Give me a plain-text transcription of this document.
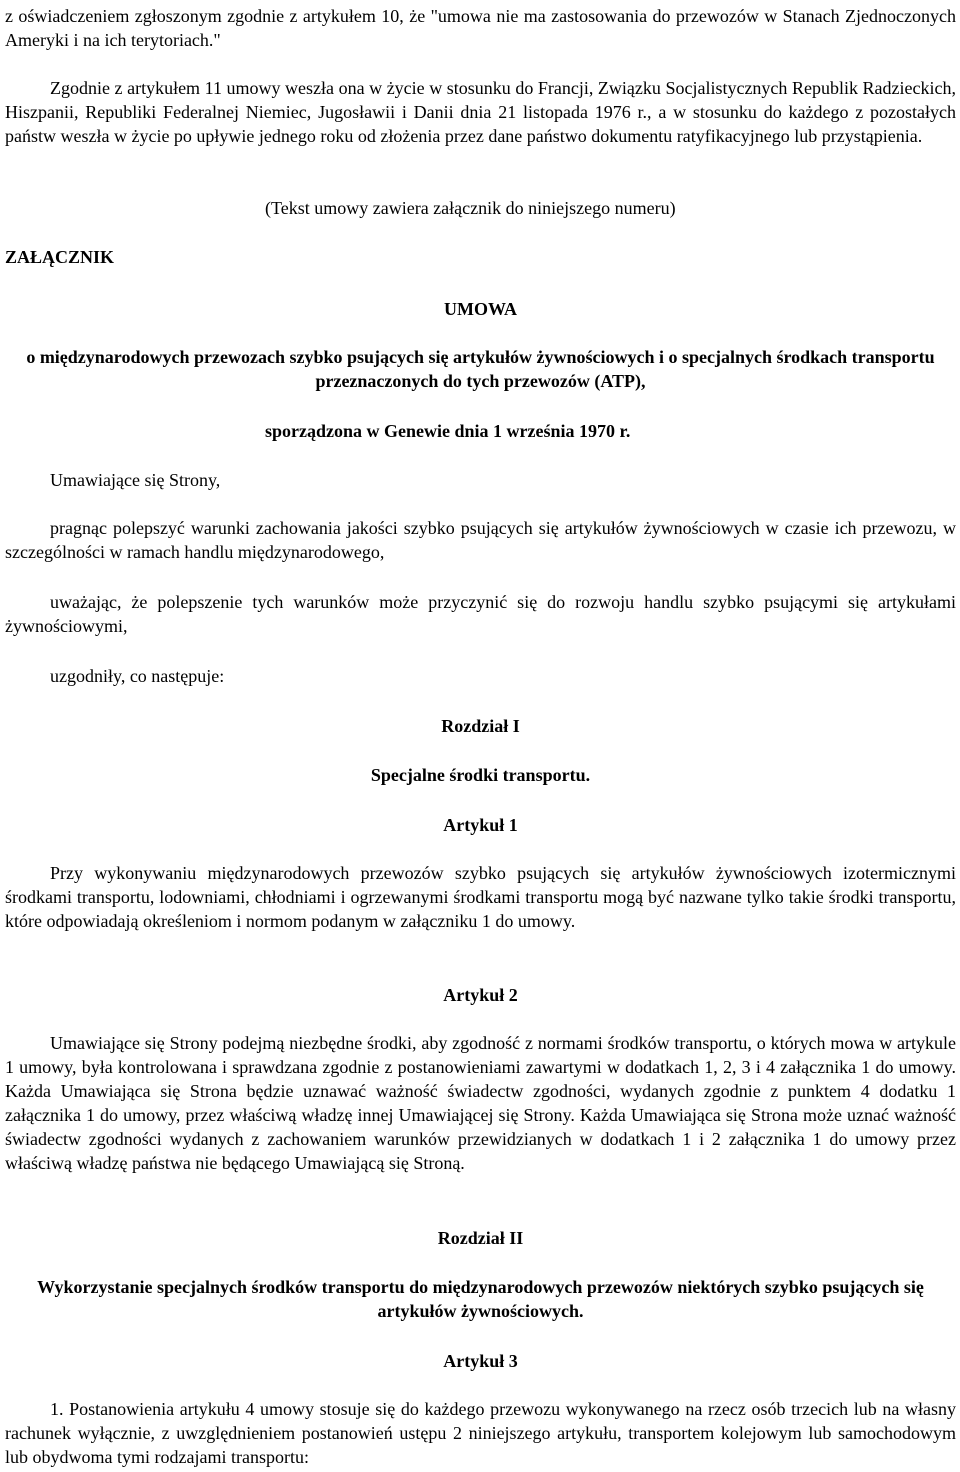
z oświadczeniem zgłoszonym zgodnie z artykułem 10, że "umowa nie ma zastosowania do przewozów w Stanach Zjednoczonych Ameryki i na ich terytoriach."

Zgodnie z artykułem 11 umowy weszła ona w życie w stosunku do Francji, Związku Socjalistycznych Republik Radzieckich, Hiszpanii, Republiki Federalnej Niemiec, Jugosławii i Danii dnia 21 listopada 1976 r., a w stosunku do każdego z pozostałych państw weszła w życie po upływie jednego roku od złożenia przez dane państwo dokumentu ratyfikacyjnego lub przystąpienia.

(Tekst umowy zawiera załącznik do niniejszego numeru)
ZAŁĄCZNIK
UMOWA

o międzynarodowych przewozach szybko psujących się artykułów żywnościowych i o specjalnych środkach transportu przeznaczonych do tych przewozów (ATP),

sporządzona w Genewie dnia 1 września 1970 r.
Umawiające się Strony,

pragnąc polepszyć warunki zachowania jakości szybko psujących się artykułów żywnościowych w czasie ich przewozu, w szczególności w ramach handlu międzynarodowego,

uważając, że polepszenie tych warunków może przyczynić się do rozwoju handlu szybko psującymi się artykułami żywnościowymi,

uzgodniły, co następuje:
Rozdział I
Specjalne środki transportu.
Artykuł 1

Przy wykonywaniu międzynarodowych przewozów szybko psujących się artykułów żywnościowych izotermicznymi środkami transportu, lodowniami, chłodniami i ogrzewanymi środkami transportu mogą być nazwane tylko takie środki transportu, które odpowiadają określeniom i normom podanym w załączniku 1 do umowy.

Artykuł 2

Umawiające się Strony podejmą niezbędne środki, aby zgodność z normami środków transportu, o których mowa w artykule 1 umowy, była kontrolowana i sprawdzana zgodnie z postanowieniami zawartymi w dodatkach 1, 2, 3 i 4 załącznika 1 do umowy. Każda Umawiająca się Strona będzie uznawać ważność świadectw zgodności, wydanych zgodnie z punktem 4 dodatku 1 załącznika 1 do umowy, przez właściwą władzę innej Umawiającej się Strony. Każda Umawiająca się Strona może uznać ważność świadectw zgodności wydanych z zachowaniem warunków przewidzianych w dodatkach 1 i 2 załącznika 1 do umowy przez właściwą władzę państwa nie będącego Umawiającą się Stroną.

Rozdział II

Wykorzystanie specjalnych środków transportu do międzynarodowych przewozów niektórych szybko psujących się artykułów żywnościowych.

Artykuł 3

1. Postanowienia artykułu 4 umowy stosuje się do każdego przewozu wykonywanego na rzecz osób trzecich lub na własny rachunek wyłącznie, z uwzględnieniem postanowień ustępu 2 niniejszego artykułu, transportem kolejowym lub samochodowym lub obydwoma tymi rodzajami transportu:
